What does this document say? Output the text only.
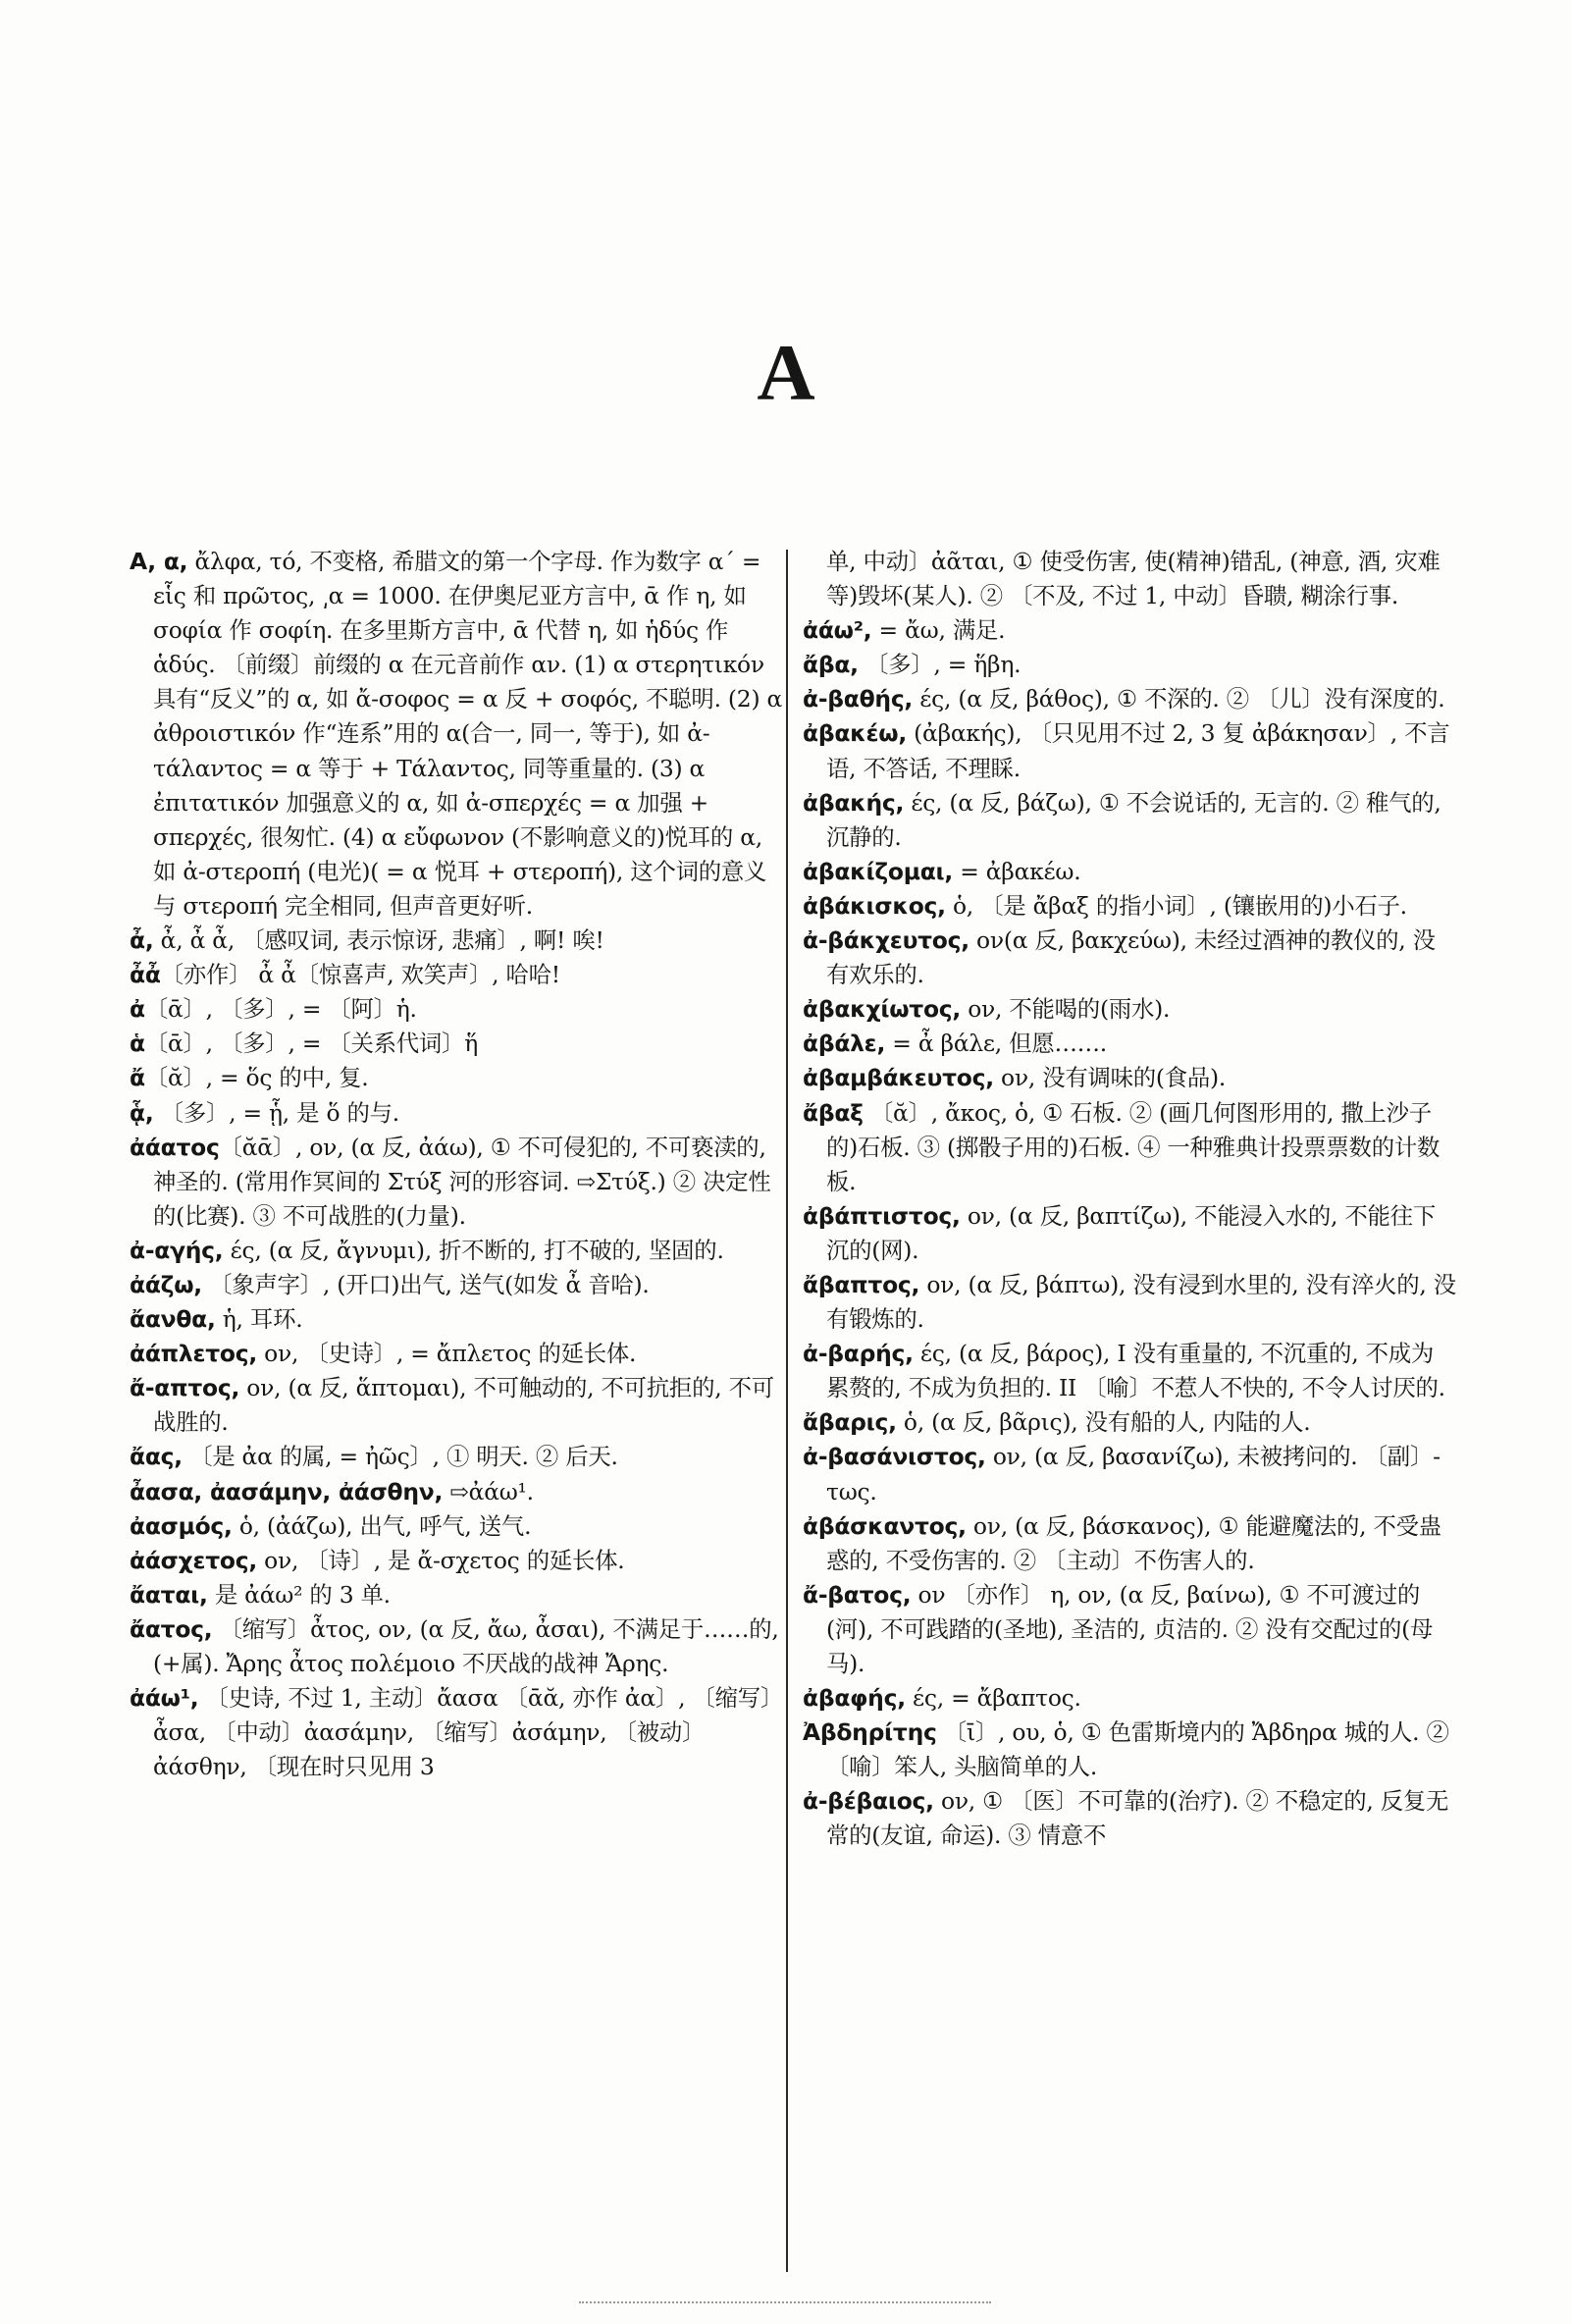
A

A, α, ἄλφα, τό, 不变格, 希腊文的第一个字母. 作为数字 α΄ = εἷς 和 πρῶτος, ͵α = 1000. 在伊奥尼亚方言中, ᾱ 作 η, 如 σοφία 作 σοφίη. 在多里斯方言中, ᾱ 代替 η, 如 ἡδύς 作 ἁδύς. 〔前缀〕前缀的 α 在元音前作 αν. (1) α στερητικόν 具有“反义”的 α, 如 ἄ-σοφος = α 反 + σοφός, 不聪明. (2) α ἀθροιστικόν 作“连系”用的 α(合一, 同一, 等于), 如 ἀ-τάλαντος = α 等于 + Τάλαντος, 同等重量的. (3) α ἐπιτατικόν 加强意义的 α, 如 ἀ-σπερχές = α 加强 + σπερχές, 很匆忙. (4) α εὔφωνον (不影响意义的)悦耳的 α, 如 ἀ-στεροπή (电光)( = α 悦耳 + στεροπή), 这个词的意义与 στεροπή 完全相同, 但声音更好听.

ἆ, ἆ, ἆ ἆ, 〔感叹词, 表示惊讶, 悲痛〕, 啊! 唉!

ἆἆ〔亦作〕 ἆ ἆ〔惊喜声, 欢笑声〕, 哈哈!

ἀ〔ᾱ〕, 〔多〕, = 〔阿〕ἡ.

ἁ〔ᾱ〕, 〔多〕, = 〔关系代词〕ἥ

ἄ〔ᾰ〕, = ὅς 的中, 复.

ᾇ, 〔多〕, = ᾗ, 是 ὅ 的与.

ἀάατος〔ᾰᾱ〕, ον, (α 反, ἀάω), ① 不可侵犯的, 不可亵渎的, 神圣的. (常用作冥间的 Στύξ 河的形容词. ⇨Στύξ.) ② 决定性的(比赛). ③ 不可战胜的(力量).

ἀ-αγής, ές, (α 反, ἄγνυμι), 折不断的, 打不破的, 坚固的.

ἀάζω, 〔象声字〕, (开口)出气, 送气(如发 ἆ 音哈).

ἄανθα, ἡ, 耳环.

ἀάπλετος, ον, 〔史诗〕, = ἄπλετος 的延长体.

ἄ-απτος, ον, (α 反, ἅπτομαι), 不可触动的, 不可抗拒的, 不可战胜的.

ἄας, 〔是 ἀα 的属, = ἠῶς〕, ① 明天. ② 后天.

ἆασα, ἀασάμην, ἀάσθην, ⇨ἀάω¹.

ἀασμός, ὁ, (ἀάζω), 出气, 呼气, 送气.

ἀάσχετος, ον, 〔诗〕, 是 ἄ-σχετος 的延长体.

ἄαται, 是 ἀάω² 的 3 单.

ἄατος, 〔缩写〕ἆτος, ον, (α 反, ἄω, ἆσαι), 不满足于……的, (+属). Ἄρης ἆτος πολέμοιο 不厌战的战神 Ἄρης.

ἀάω¹, 〔史诗, 不过 1, 主动〕ἄασα 〔ᾱᾰ, 亦作 ἀα〕, 〔缩写〕ἆσα, 〔中动〕ἀασάμην, 〔缩写〕ἀσάμην, 〔被动〕ἀάσθην, 〔现在时只见用 3

单, 中动〕ἀᾶται, ① 使受伤害, 使(精神)错乱, (神意, 酒, 灾难等)毁坏(某人). ② 〔不及, 不过 1, 中动〕昏聩, 糊涂行事.

ἀάω², = ἄω, 满足.

ἄβα, 〔多〕, = ἥβη.

ἀ-βαθής, ές, (α 反, βάθος), ① 不深的. ② 〔儿〕没有深度的.

ἀβακέω, (ἀβακής), 〔只见用不过 2, 3 复 ἀβάκησαν〕, 不言语, 不答话, 不理睬.

ἀβακής, ές, (α 反, βάζω), ① 不会说话的, 无言的. ② 稚气的, 沉静的.

ἀβακίζομαι, = ἀβακέω.

ἀβάκισκος, ὁ, 〔是 ἄβαξ 的指小词〕, (镶嵌用的)小石子.

ἀ-βάκχευτος, ον(α 反, βακχεύω), 未经过酒神的教仪的, 没有欢乐的.

ἀβακχίωτος, ον, 不能喝的(雨水).

ἀβάλε, = ἆ βάλε, 但愿…….

ἀβαμβάκευτος, ον, 没有调味的(食品).

ἄβαξ 〔ᾰ〕, ἄκος, ὁ, ① 石板. ② (画几何图形用的, 撒上沙子的)石板. ③ (掷骰子用的)石板. ④ 一种雅典计投票票数的计数板.

ἀβάπτιστος, ον, (α 反, βαπτίζω), 不能浸入水的, 不能往下沉的(网).

ἄβαπτος, ον, (α 反, βάπτω), 没有浸到水里的, 没有淬火的, 没有锻炼的.

ἀ-βαρής, ές, (α 反, βάρος), I 没有重量的, 不沉重的, 不成为累赘的, 不成为负担的. II 〔喻〕不惹人不快的, 不令人讨厌的.

ἄβαρις, ὁ, (α 反, βᾶρις), 没有船的人, 内陆的人.

ἀ-βασάνιστος, ον, (α 反, βασανίζω), 未被拷问的. 〔副〕-τως.

ἀβάσκαντος, ον, (α 反, βάσκανος), ① 能避魔法的, 不受蛊惑的, 不受伤害的. ② 〔主动〕不伤害人的.

ἄ-βατος, ον 〔亦作〕 η, ον, (α 反, βαίνω), ① 不可渡过的(河), 不可践踏的(圣地), 圣洁的, 贞洁的. ② 没有交配过的(母马).

ἀβαφής, ές, = ἄβαπτος.

Ἀβδηρίτης 〔ῑ〕, ου, ὁ, ① 色雷斯境内的 Ἄβδηρα 城的人. ② 〔喻〕笨人, 头脑简单的人.

ἀ-βέβαιος, ον, ① 〔医〕不可靠的(治疗). ② 不稳定的, 反复无常的(友谊, 命运). ③ 情意不
